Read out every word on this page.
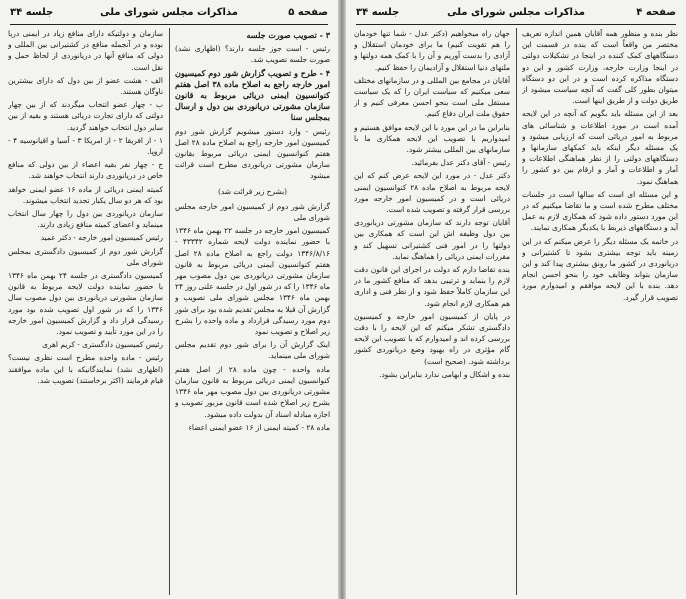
صفحه ۵
مذاکرات مجلس شورای ملی
جلسه ۳۴

۳ - تصویب صورت جلسه

رئیس - است جوز جلسه دارند؟ (اظهاری نشد) صورت جلسه تصویب شد.

۴ - طرح و تصویب گزارش شور دوم کمیسیون امور خارجه راجع به اصلاح ماده ۳۸ اصل هفتم کنوانسیون ایمنی دریائی مربوط به قانون سازمان مشورتی دریانوردی بین دول و ارسال بمجلس سنا

رئیس - وارد دستور میشویم گزارش شور دوم کمیسیون امور خارجه راجع به اصلاح ماده ۲۸ اصل هفتم کنوانسیون ایمنی دریائی مربوط بقانون سازمان مشورتی دریانوردی مطرح است قرائت میشود

(بشرح زیر قرائت شد)

گزارش شور دوم از کمیسیون امور خارجه مجلس شورای ملی

کمیسیون امور خارجه در جلسه ۲۲ بهمن ماه ۱۳۴۶ با حضور نماینده دولت لایحه شماره ۴۳۳۴۲ - ۱۳۴۶/۸/۱۶ دولت راجع به اصلاح ماده ۲۸ اصل هفتم کنوانسیون ایمنی دریائی مربوط به قانون سازمان مشورتی دریانوردی بین دول مصوب مهر ماه ۱۳۴۶ را که در شور اول در جلسه علنی روز ۲۴ بهمن ماه ۱۳۴۶ مجلس شورای ملی تصویب و گزارش آن قبلا به مجلس تقدیم شده بود برای شور دوم مورد رسیدگی قرارداد و ماده واحده را بشرح زیر اصلاح و تصویب نمود

اینک گزارش آن را برای شور دوم تقدیم مجلس شورای ملی مینماید.

ماده واحده - چون ماده ۲۸ از اصل هفتم کنوانسیون ایمنی دریائی مربوط به قانون سازمان مشورتی دریانوردی بین دول مصوب مهر ماه ۱۳۴۶ بشرح زیر اصلاح شده است قانون مزبور تصویب و اجازه مبادله اسناد آن بدولت داده میشود.

ماده ۲۸ - کمیته ایمنی از ۱۶ عضو ایمنی اعضاء

سازمان و دولتیکه دارای منافع زیاد در ایمنی دریا بوده و در آنجمله منافع در کشتیرانی بین المللی و دولی که منافع آنها در دریانوردی از لحاظ حمل و نقل است.

الف - هشت عضو از بین دول که دارای بیشترین ناوگان هستند.

ب - چهار عضو انتخاب میگردند که از بین چهار دولتی که دارای تجارت دریائی هستند و بقیه از بین سایر دول انتخاب خواهند گردید.

۱ - از افریقا ۲ - از امریکا ۳ - آسیا و اقیانوسیه ۴ - اروپا.

ج - چهار نفر بقیه اعضاء از بین دولی که منافع خاص در دریانوردی دارند انتخاب خواهند شد.

کمیته ایمنی دریائی از ماده ۱۶ عضو ایمنی خواهد بود که هر دو سال یکبار تجدید انتخاب میشوند.

سازمان دریانوردی بین دول را چهار سال انتخاب مینماید و اعضای کمیته منافع زیادی دارند.

رئیس کمیسیون امور خارجه - دکتر عمید

گزارش شور دوم از کمیسیون دادگستری بمجلس شورای ملی

کمیسیون دادگستری در جلسه ۲۴ بهمن ماه ۱۳۴۶ با حضور نماینده دولت لایحه مربوط به قانون سازمان مشورتی دریانوردی بین دول مصوب سال ۱۳۴۶ را که در شور اول تصویب شده بود مورد رسیدگی قرار داد و گزارش کمیسیون امور خارجه را در این مورد تأیید و تصویب نمود.

رئیس کمیسیون دادگستری - کریم اهری

رئیس - ماده واحده مطرح است نظری نیست؟ (اظهاری نشد) نمایندگانیکه با این ماده موافقند قیام فرمایند (اکثر برخاستند) تصویب شد.

صفحه ۴
مذاکرات مجلس شورای ملی
جلسه ۳۴

نظر بنده و منظور همه آقایان همین اندازه تعریف مختصر من واقعاً است که بنده در قسمت این دستگاههای کمک کننده در اینجا در تشکیلات دولتی در اینجا وزارت خارجه، وزارت کشور و این دو دستگاه مذاکره کرده است و در این دو دستگاه میتوان بطور کلی گفت که آنچه سیاست میشود از طریق دولت و از طریق اینها است.

بعد از این مسئله باید بگویم که آنچه در این لایحه آمده است در مورد اطلاعات و شناسائی های مربوط به امور دریائی است که ارزیابی میشود و یک مسئله دیگر اینکه باید کمکهای سازمانها و دستگاههای دولتی را از نظر هماهنگی اطلاعات و آمار و اطلاعات و آمار و ارقام بین دو کشور را هماهنگ نمود.

و این مسئله ای است که سالها است در جلسات مختلف مطرح شده است و ما تقاضا میکنیم که در این مورد دستور داده شود که همکاری لازم به عمل آید و دستگاههای ذیربط با یکدیگر همکاری نمایند.

در خاتمه یک مسئله دیگر را عرض میکنم که در این زمینه باید توجه بیشتری بشود تا کشتیرانی و دریانوردی در کشور ما رونق بیشتری پیدا کند و این سازمان بتواند وظایف خود را بنحو احسن انجام دهد. بنده با این لایحه موافقم و امیدوارم مورد تصویب قرار گیرد.

جهان راه میخواهیم (دکتر عدل - شما تنها خودمان را هم تقویت کنیم) ما برای خودمان استقلال و آزادی را بدست آوریم و آن را با کمک همه دولتها و ملتهای دنیا استقلال و آزادیمان را حفظ کنیم.

آقایان در مجامع بین المللی و در سازمانهای مختلف سعی میکنیم که سیاست ایران را که یک سیاست مستقل ملی است بنحو احسن معرفی کنیم و از حقوق ملت ایران دفاع کنیم.

بنابراین ما در این مورد با این لایحه موافق هستیم و امیدواریم با تصویب این لایحه همکاری ما با سازمانهای بین المللی بیشتر شود.

رئیس - آقای دکتر عدل بفرمائید.

دکتر عدل - در مورد این لایحه عرض کنم که این لایحه مربوط به اصلاح ماده ۲۸ کنوانسیون ایمنی دریائی است و در کمیسیون امور خارجه مورد بررسی قرار گرفته و تصویب شده است.

آقایان توجه دارند که سازمان مشورتی دریانوردی بین دول وظیفه اش این است که همکاری بین دولتها را در امور فنی کشتیرانی تسهیل کند و مقررات ایمنی دریائی را هماهنگ نماید.

بنده تقاضا دارم که دولت در اجرای این قانون دقت لازم را بنماید و ترتیبی بدهد که منافع کشور ما در این سازمان کاملاً حفظ شود و از نظر فنی و اداری هم همکاری لازم انجام شود.

در پایان از کمیسیون امور خارجه و کمیسیون دادگستری تشکر میکنم که این لایحه را با دقت بررسی کرده اند و امیدوارم که با تصویب این لایحه گام مؤثری در راه بهبود وضع دریانوردی کشور برداشته شود. (صحیح است)

بنده و اشکال و ابهامی ندارد بنابراین بشود.
